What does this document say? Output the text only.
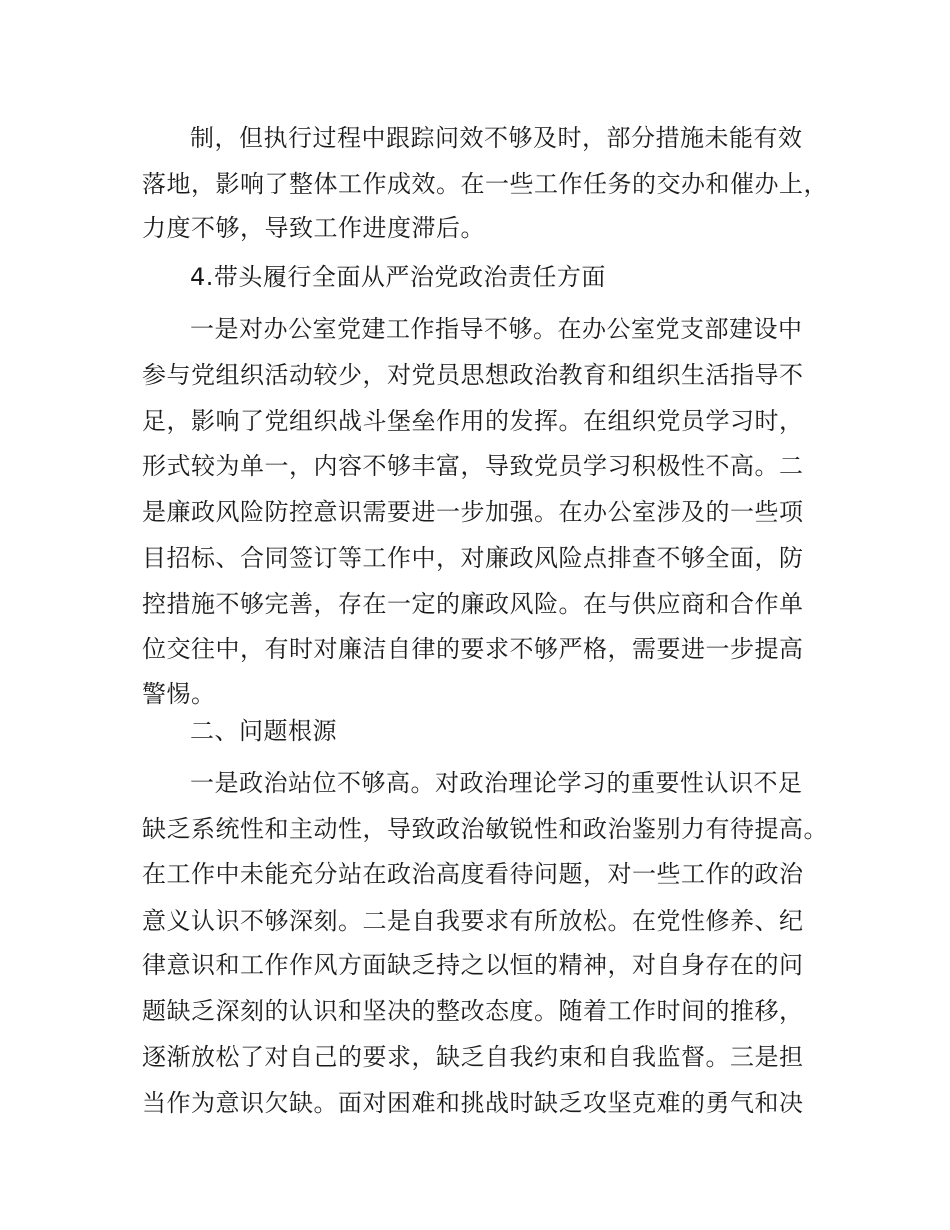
制，但执行过程中跟踪问效不够及时，部分措施未能有效
落地，影响了整体工作成效。在一些工作任务的交办和催办上，
力度不够，导致工作进度滞后。
4.带头履行全面从严治党政治责任方面
一是对办公室党建工作指导不够。在办公室党支部建设中
参与党组织活动较少，对党员思想政治教育和组织生活指导不
足，影响了党组织战斗堡垒作用的发挥。在组织党员学习时，
形式较为单一，内容不够丰富，导致党员学习积极性不高。二
是廉政风险防控意识需要进一步加强。在办公室涉及的一些项
目招标、合同签订等工作中，对廉政风险点排查不够全面，防
控措施不够完善，存在一定的廉政风险。在与供应商和合作单
位交往中，有时对廉洁自律的要求不够严格，需要进一步提高
警惕。
二、问题根源
一是政治站位不够高。对政治理论学习的重要性认识不足
缺乏系统性和主动性，导致政治敏锐性和政治鉴别力有待提高。
在工作中未能充分站在政治高度看待问题，对一些工作的政治
意义认识不够深刻。二是自我要求有所放松。在党性修养、纪
律意识和工作作风方面缺乏持之以恒的精神，对自身存在的问
题缺乏深刻的认识和坚决的整改态度。随着工作时间的推移，
逐渐放松了对自己的要求，缺乏自我约束和自我监督。三是担
当作为意识欠缺。面对困难和挑战时缺乏攻坚克难的勇气和决
